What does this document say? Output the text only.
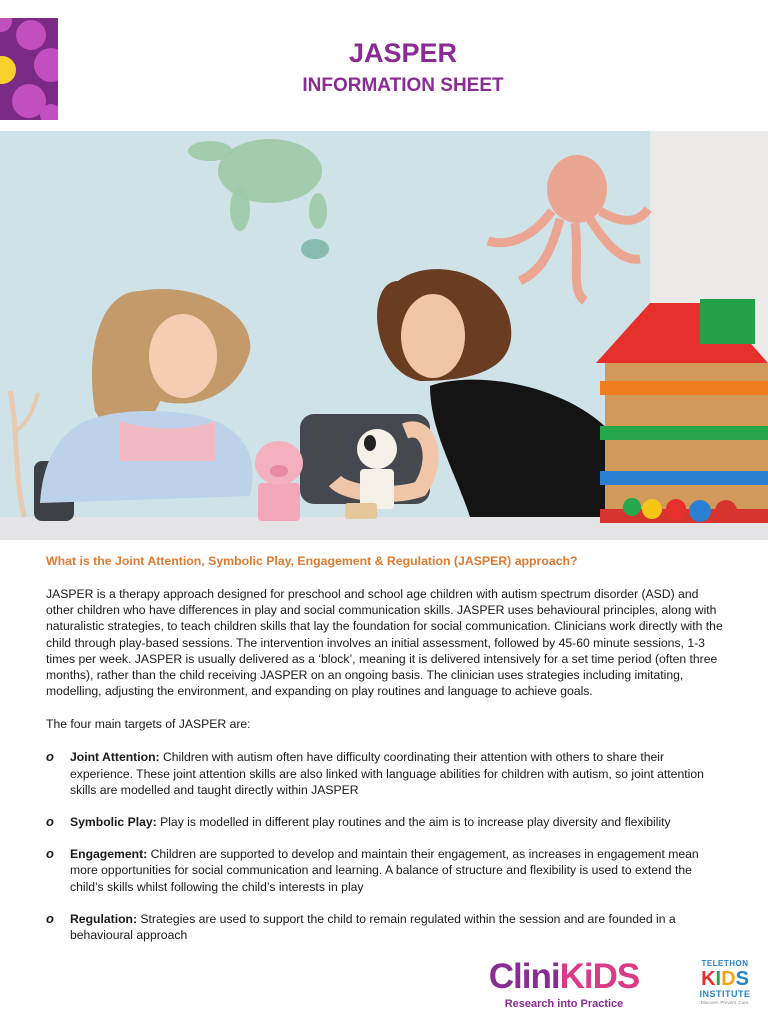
JASPER
INFORMATION SHEET

What is the Joint Attention, Symbolic Play, Engagement & Regulation (JASPER) approach?

JASPER is a therapy approach designed for preschool and school age children with autism spectrum disorder (ASD) and other children who have differences in play and social communication skills. JASPER uses behavioural principles, along with naturalistic strategies, to teach children skills that lay the foundation for social communication. Clinicians work directly with the child through play-based sessions. The intervention involves an initial assessment, followed by 45-60 minute sessions, 1-3 times per week. JASPER is usually delivered as a ‘block’, meaning it is delivered intensively for a set time period (often three months), rather than the child receiving JASPER on an ongoing basis. The clinician uses strategies including imitating, modelling, adjusting the environment, and expanding on play routines and language to achieve goals.

The four main targets of JASPER are:

o Joint Attention: Children with autism often have difficulty coordinating their attention with others to share their experience. These joint attention skills are also linked with language abilities for children with autism, so joint attention skills are modelled and taught directly within JASPER
o Symbolic Play: Play is modelled in different play routines and the aim is to increase play diversity and flexibility
o Engagement: Children are supported to develop and maintain their engagement, as increases in engagement mean more opportunities for social communication and learning. A balance of structure and flexibility is used to extend the child’s skills whilst following the child’s interests in play
o Regulation: Strategies are used to support the child to remain regulated within the session and are founded in a behavioural approach
CliniKiDS
Research into Practice
TELETHON
KIDS
INSTITUTE
Discover. Prevent. Cure.
